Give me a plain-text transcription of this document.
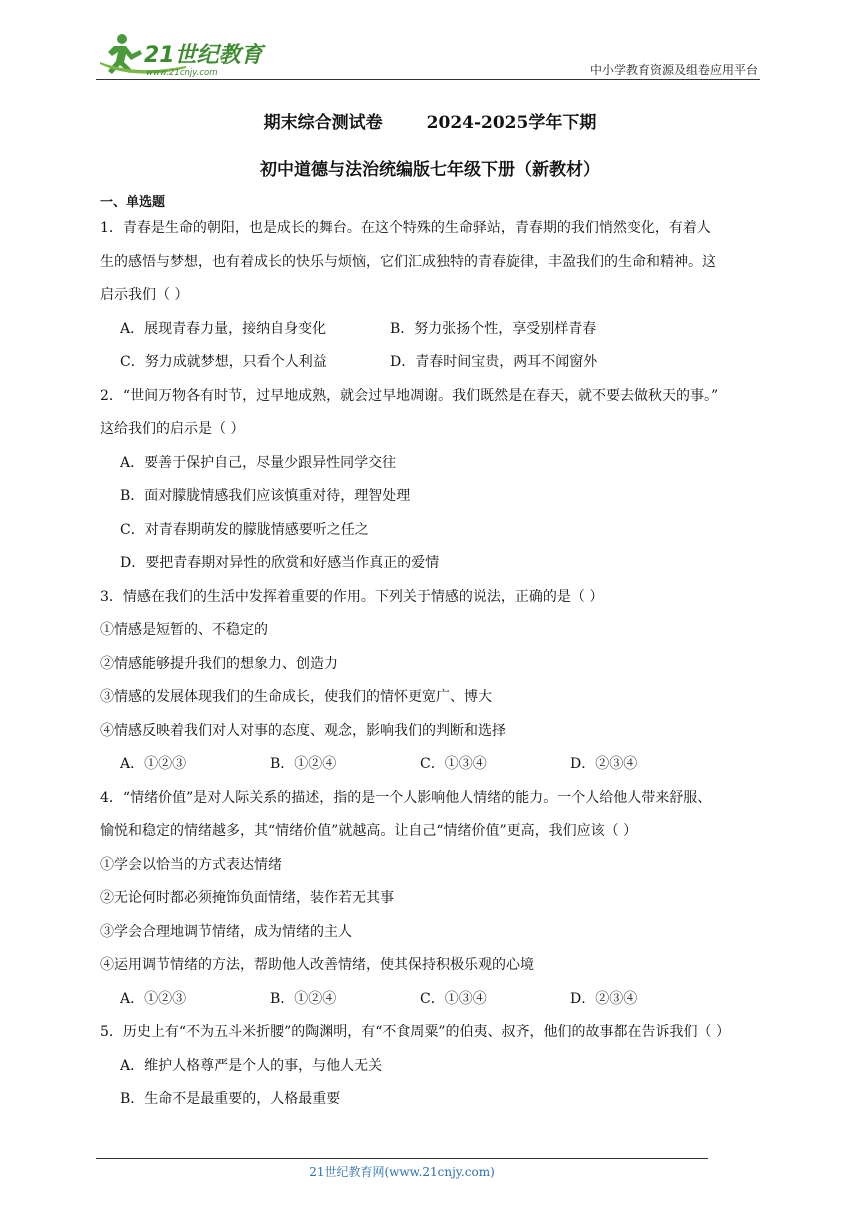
21世纪教育
www.21cnjy.com	中小学教育资源及组卷应用平台
期末综合测试卷	2024-2025学年下期
初中道德与法治统编版七年级下册（新教材）
一、单选题
1．青春是生命的朝阳，也是成长的舞台。在这个特殊的生命驿站，青春期的我们悄然变化，有着人
生的感悟与梦想，也有着成长的快乐与烦恼，它们汇成独特的青春旋律，丰盈我们的生命和精神。这
启示我们（ ）
A．展现青春力量，接纳自身变化	B．努力张扬个性，享受别样青春
C．努力成就梦想，只看个人利益	D．青春时间宝贵，两耳不闻窗外
2．“世间万物各有时节，过早地成熟，就会过早地凋谢。我们既然是在春天，就不要去做秋天的事。”
这给我们的启示是（ ）
A．要善于保护自己，尽量少跟异性同学交往
B．面对朦胧情感我们应该慎重对待，理智处理
C．对青春期萌发的朦胧情感要听之任之
D．要把青春期对异性的欣赏和好感当作真正的爱情
3．情感在我们的生活中发挥着重要的作用。下列关于情感的说法，正确的是（ ）
①情感是短暂的、不稳定的
②情感能够提升我们的想象力、创造力
③情感的发展体现我们的生命成长，使我们的情怀更宽广、博大
④情感反映着我们对人对事的态度、观念，影响我们的判断和选择
A．①②③	B．①②④	C．①③④	D．②③④
4．“情绪价值”是对人际关系的描述，指的是一个人影响他人情绪的能力。一个人给他人带来舒服、
愉悦和稳定的情绪越多，其“情绪价值”就越高。让自己“情绪价值”更高，我们应该（ ）
①学会以恰当的方式表达情绪
②无论何时都必须掩饰负面情绪，装作若无其事
③学会合理地调节情绪，成为情绪的主人
④运用调节情绪的方法，帮助他人改善情绪，使其保持积极乐观的心境
A．①②③	B．①②④	C．①③④	D．②③④
5．历史上有“不为五斗米折腰”的陶渊明，有“不食周粟”的伯夷、叔齐，他们的故事都在告诉我们（ ）
A．维护人格尊严是个人的事，与他人无关
B．生命不是最重要的，人格最重要
21世纪教育网(www.21cnjy.com)
